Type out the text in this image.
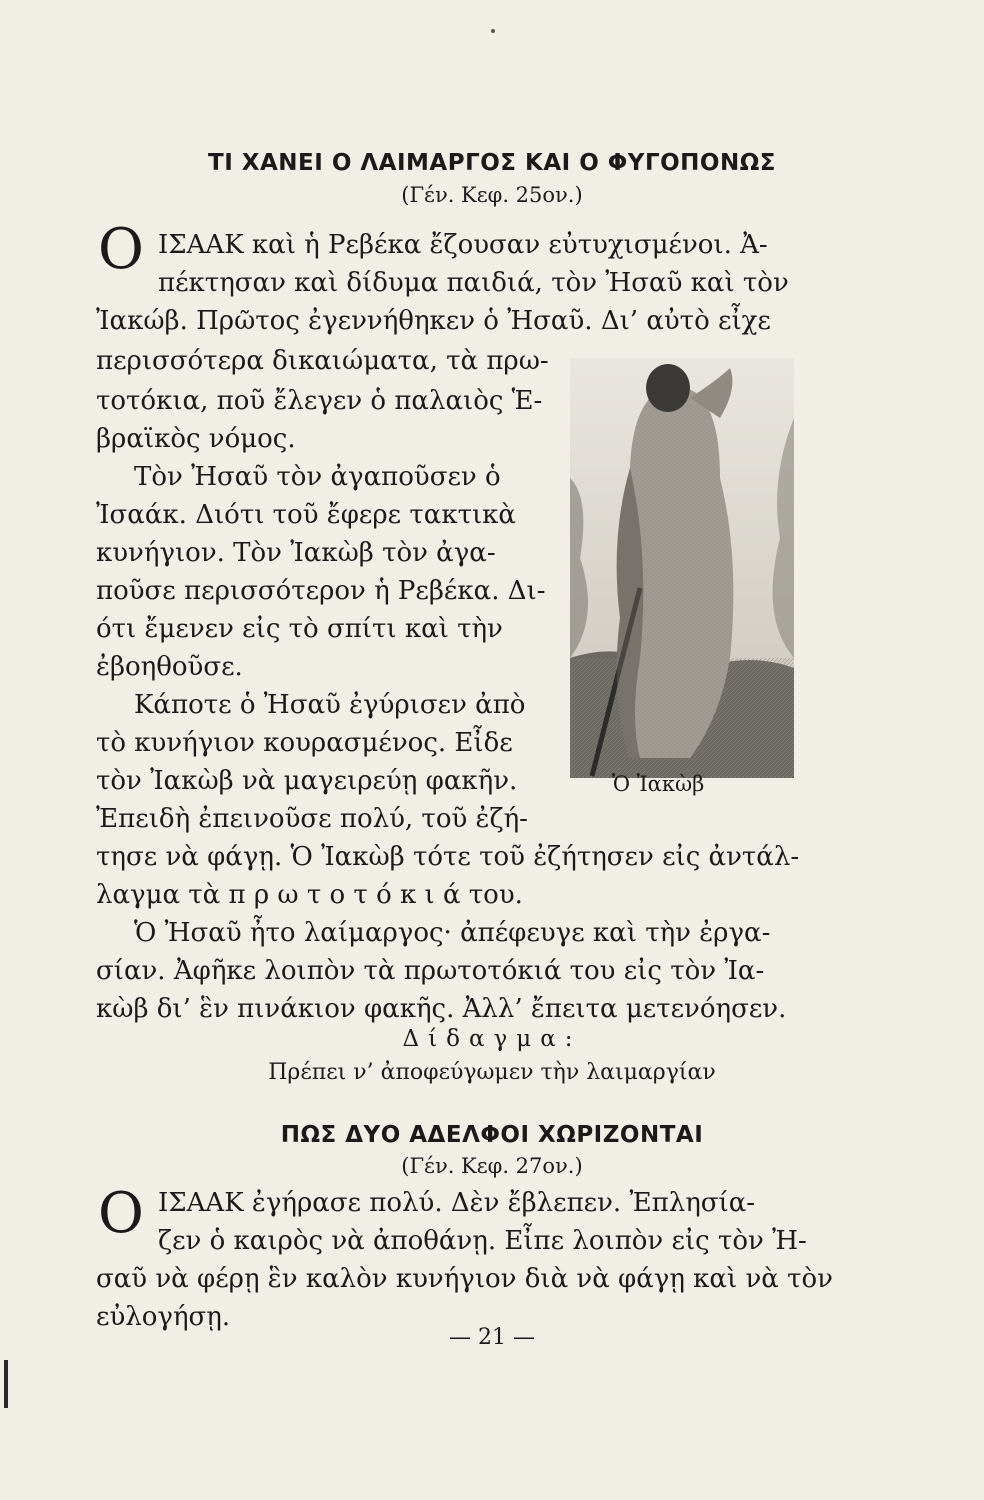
ΤΙ ΧΑΝΕΙ Ο ΛΑΙΜΑΡΓΟΣ ΚΑΙ Ο ΦΥΓΟΠΟΝΩΣ
(Γέν. Κεφ. 25ον.)
Ο ΙΣΑΑΚ καὶ ἡ Ρεβέκα ἔζουσαν εὐτυχισμένοι. Ἀ-
πέκτησαν καὶ δίδυμα παιδιά, τὸν Ἠσαῦ καὶ τὸν
Ἰακώβ. Πρῶτος ἐγεννήθηκεν ὁ Ἠσαῦ. Δι’ αὐτὸ εἶχε
περισσότερα δικαιώματα, τὰ πρω-
τοτόκια, ποῦ ἔλεγεν ὁ παλαιὸς Ἑ-
βραϊκὸς νόμος.
Τὸν Ἠσαῦ τὸν ἀγαποῦσεν ὁ
Ἰσαάκ. Διότι τοῦ ἔφερε τακτικὰ
κυνήγιον. Τὸν Ἰακὼβ τὸν ἀγα-
ποῦσε περισσότερον ἡ Ρεβέκα. Δι-
ότι ἔμενεν εἰς τὸ σπίτι καὶ τὴν
ἐβοηθοῦσε.
Κάποτε ὁ Ἠσαῦ ἐγύρισεν ἀπὸ
τὸ κυνήγιον κουρασμένος. Εἶδε
τὸν Ἰακὼβ νὰ μαγειρεύῃ φακῆν.
Ἐπειδὴ ἐπεινοῦσε πολύ, τοῦ ἐζή-
τησε νὰ φάγῃ. Ὁ Ἰακὼβ τότε τοῦ ἐζήτησεν εἰς ἀντάλ-
λαγμα τὰ π ρ ω τ ο τ ό κ ι ά του.
Ὁ Ἠσαῦ ἦτο λαίμαργος· ἀπέφευγε καὶ τὴν ἐργα-
σίαν. Ἀφῆκε λοιπὸν τὰ πρωτοτόκιά του εἰς τὸν Ἰα-
κὼβ δι’ ἓν πινάκιον φακῆς. Ἀλλ’ ἔπειτα μετενόησεν.
Ὁ Ἰακὼβ
Δίδαγμα:
Πρέπει ν’ ἀποφεύγωμεν τὴν λαιμαργίαν
ΠΩΣ ΔΥΟ ΑΔΕΛΦΟΙ ΧΩΡΙΖΟΝΤΑΙ
(Γέν. Κεφ. 27ον.)
Ο ΙΣΑΑΚ ἐγήρασε πολύ. Δὲν ἔβλεπεν. Ἐπλησία-
ζεν ὁ καιρὸς νὰ ἀποθάνῃ. Εἶπε λοιπὸν εἰς τὸν Ἠ-
σαῦ νὰ φέρῃ ἓν καλὸν κυνήγιον διὰ νὰ φάγῃ καὶ νὰ τὸν
εὐλογήσῃ.
— 21 —
